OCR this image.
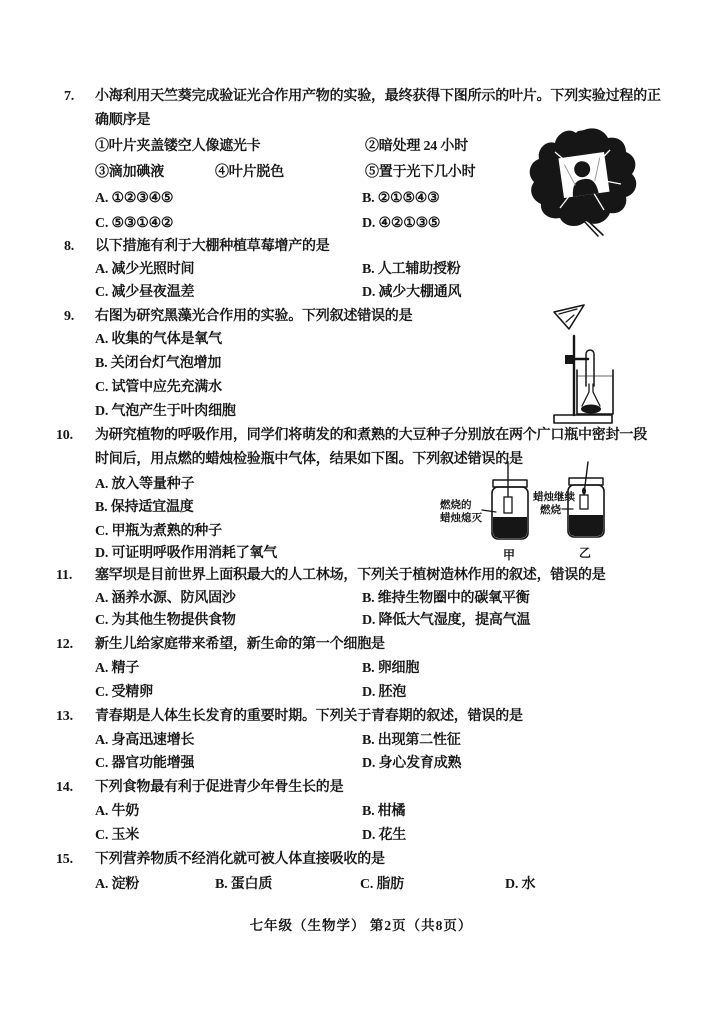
7. 小海利用天竺葵完成验证光合作用产物的实验，最终获得下图所示的叶片。下列实验过程的正
确顺序是
①叶片夹盖镂空人像遮光卡	②暗处理 24 小时
③滴加碘液	④叶片脱色	⑤置于光下几小时
A. ①②③④⑤	B. ②①⑤④③
C. ⑤③①④②	D. ④②①③⑤
8. 以下措施有利于大棚种植草莓增产的是
A. 减少光照时间	B. 人工辅助授粉
C. 减少昼夜温差	D. 减少大棚通风
9. 右图为研究黑藻光合作用的实验。下列叙述错误的是
A. 收集的气体是氧气
B. 关闭台灯气泡增加
C. 试管中应先充满水
D. 气泡产生于叶肉细胞
10. 为研究植物的呼吸作用，同学们将萌发的和煮熟的大豆种子分别放在两个广口瓶中密封一段
时间后，用点燃的蜡烛检验瓶中气体，结果如下图。下列叙述错误的是
A. 放入等量种子
B. 保持适宜温度
C. 甲瓶为煮熟的种子
D. 可证明呼吸作用消耗了氧气
燃烧的
蜡烛熄灭
甲
蜡烛继续
燃烧
乙
11. 塞罕坝是目前世界上面积最大的人工林场，下列关于植树造林作用的叙述，错误的是
A. 涵养水源、防风固沙	B. 维持生物圈中的碳氧平衡
C. 为其他生物提供食物	D. 降低大气湿度，提高气温
12. 新生儿给家庭带来希望，新生命的第一个细胞是
A. 精子	B. 卵细胞
C. 受精卵	D. 胚泡
13. 青春期是人体生长发育的重要时期。下列关于青春期的叙述，错误的是
A. 身高迅速增长	B. 出现第二性征
C. 器官功能增强	D. 身心发育成熟
14. 下列食物最有利于促进青少年骨生长的是
A. 牛奶	B. 柑橘
C. 玉米	D. 花生
15. 下列营养物质不经消化就可被人体直接吸收的是
A. 淀粉	B. 蛋白质	C. 脂肪	D. 水
七年级（生物学） 第2页（共8页）
